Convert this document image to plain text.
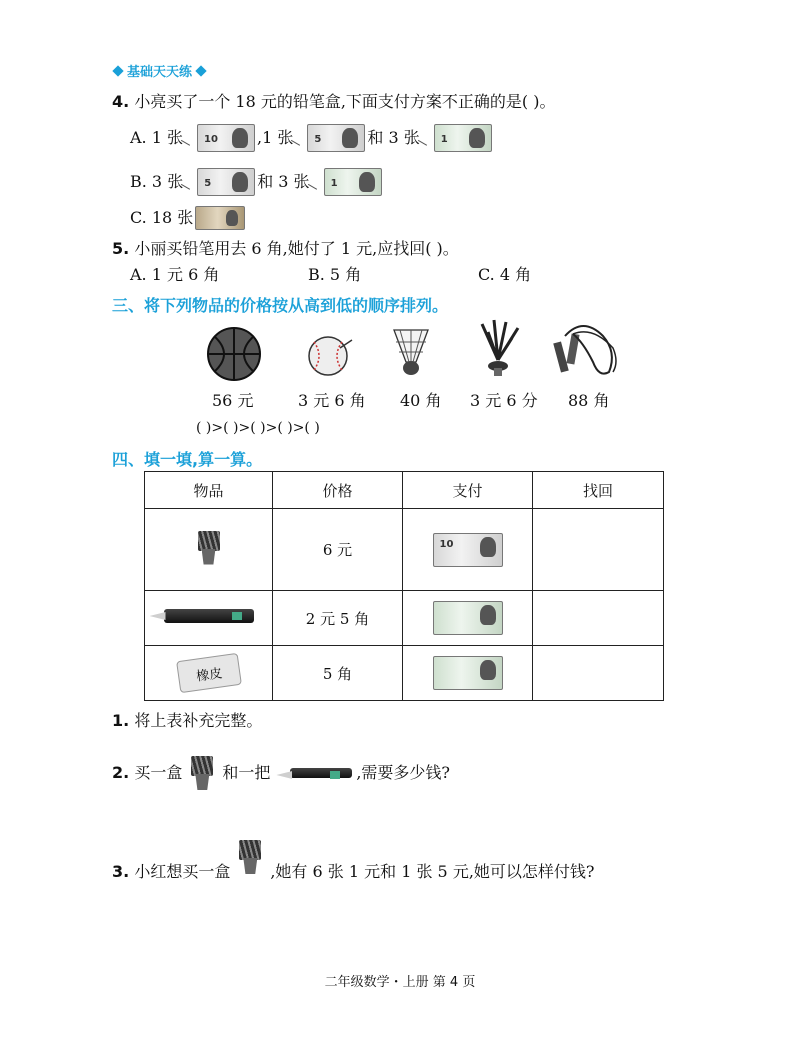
基础天天练
4. 小亮买了一个 18 元的铅笔盒,下面支付方案不正确的是( )。
A. 1 张 10 ,1 张 5	和 3 张 1
B. 3 张 5	和 3 张 1
C. 18 张
5. 小丽买铅笔用去 6 角,她付了 1 元,应找回( )。
A. 1 元 6 角	B. 5 角	C. 4 角
三、将下列物品的价格按从高到低的顺序排列。
56 元	3 元 6 角 40 角 3 元 6 分 88 角
( )>( )>( )>( )>( )
四、填一填,算一算。
物品	价格	支付	找回

	6 元	10	

	2 元 5 角	

橡皮	5 角	

1. 将上表补充完整。
2.
买一盒	和一把	,需要多少钱?
3.
小红想买一盒	,她有 6 张 1 元和 1 张 5 元,她可以怎样付钱?
二年级数学・上册 第 4 页
